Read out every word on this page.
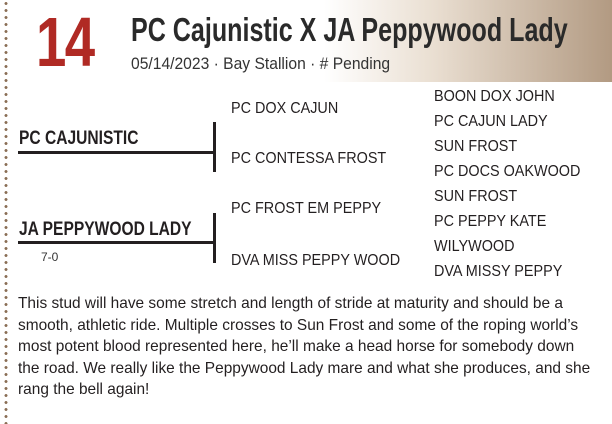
14 PC Cajunistic X JA Peppywood Lady
05/14/2023 · Bay Stallion · # Pending
PC CAJUNISTIC
JA PEPPYWOOD LADY
7-0
PC DOX CAJUN
PC CONTESSA FROST
PC FROST EM PEPPY
DVA MISS PEPPY WOOD
BOON DOX JOHN
PC CAJUN LADY
SUN FROST
PC DOCS OAKWOOD
SUN FROST
PC PEPPY KATE
WILYWOOD
DVA MISSY PEPPY
This stud will have some stretch and length of stride at maturity and should be a smooth, athletic ride. Multiple crosses to Sun Frost and some of the roping world’s most potent blood represented here, he’ll make a head horse for somebody down the road. We really like the Peppywood Lady mare and what she produces, and she rang the bell again!
